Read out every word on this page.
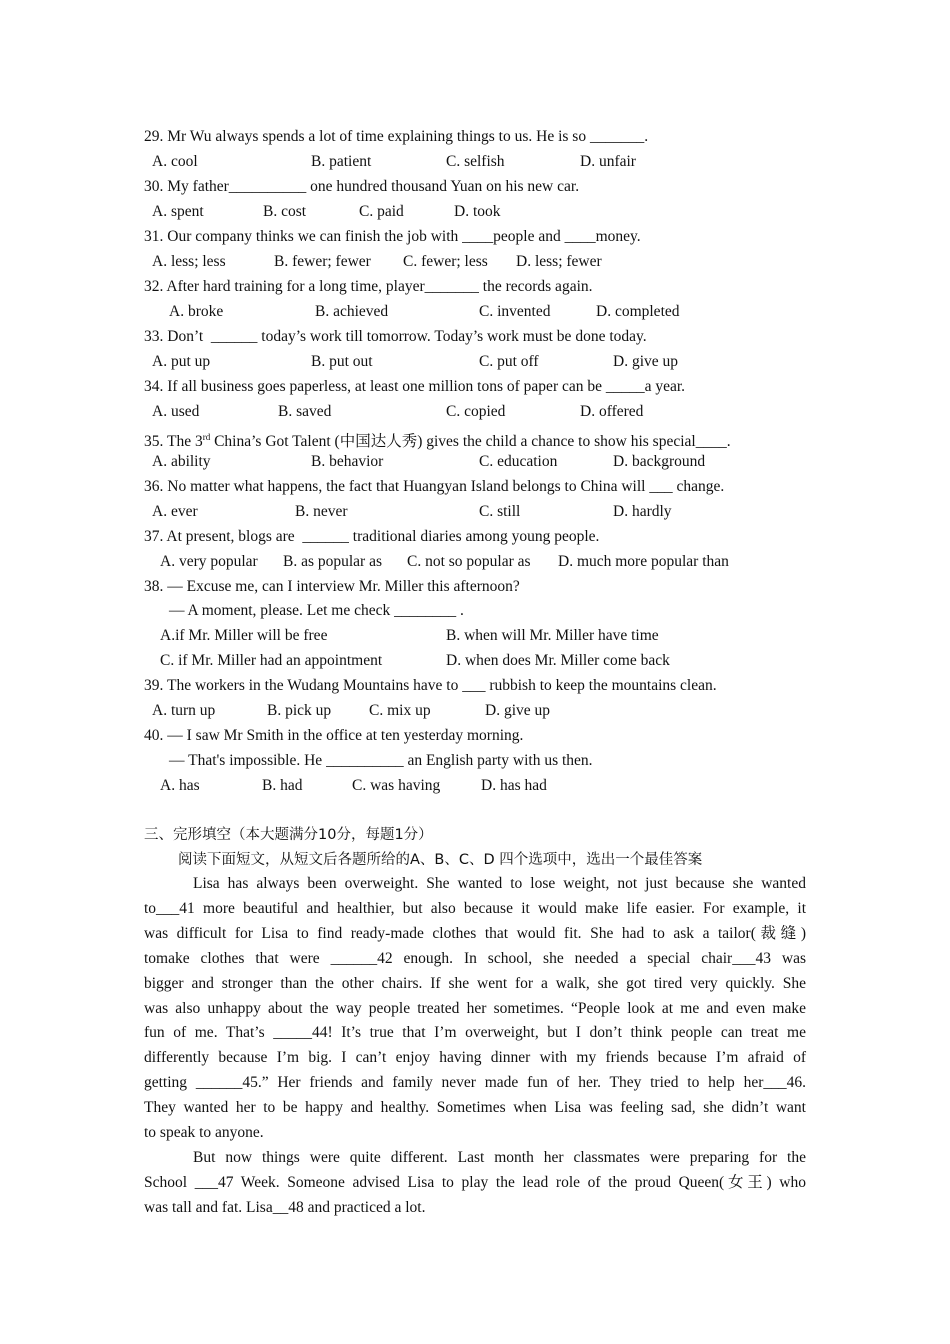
29. Mr Wu always spends a lot of time explaining things to us. He is so _______.
A. cool	B. patient	C. selfish	D. unfair
30. My father__________ one hundred thousand Yuan on his new car.
A. spent	B. cost	C. paid	D. took
31. Our company thinks we can finish the job with ____people and ____money.
A. less; less	B. fewer; fewer C. fewer; less D. less; fewer
32. After hard training for a long time, player_______ the records again.
A. broke	B. achieved	C. invented	D. completed
33. Don’t  ______ today’s work till tomorrow. Today’s work must be done today.
A. put up	B. put out	C. put off	D. give up
34. If all business goes paperless, at least one million tons of paper can be _____a year.
A. used	B. saved	C. copied	D. offered
35. The 3rd China’s Got Talent (中国达人秀) gives the child a chance to show his special____.
A. ability	B. behavior	C. education	D. background
36. No matter what happens, the fact that Huangyan Island belongs to China will ___ change.
A. ever	B. never	C. still	D. hardly
37. At present, blogs are  ______ traditional diaries among young people.
A. very popular B. as popular as C. not so popular as D. much more popular than
38. — Excuse me, can I interview Mr. Miller this afternoon?
— A moment, please. Let me check ________ .
A.if Mr. Miller will be free	B. when will Mr. Miller have time
C. if Mr. Miller had an appointment	D. when does Mr. Miller come back
39. The workers in the Wudang Mountains have to ___ rubbish to keep the mountains clean.
A. turn up	B. pick up C. mix up	D. give up
40. — I saw Mr Smith in the office at ten yesterday morning.
— That's impossible. He __________ an English party with us then.
A. has	B. had	C. was having	D. has had
三、完形填空（本大题满分10分，每题1分）
阅读下面短文，从短文后各题所给的A、B、C、D 四个选项中，选出一个最佳答案

Lisa has always been overweight. She wanted to lose weight, not just because she wanted

to___41 more beautiful and healthier, but also because it would make life easier. For example, it

was difficult for Lisa to find ready-made clothes that would fit. She had to ask a tailor(裁缝)

tomake clothes that were ______42 enough. In school, she needed a special chair___43 was

bigger and stronger than the other chairs. If she went for a walk, she got tired very quickly. She

was also unhappy about the way people treated her sometimes. “People look at me and even make

fun of me. That’s _____44! It’s true that I’m overweight, but I don’t think people can treat me

differently because I’m big. I can’t enjoy having dinner with my friends because I’m afraid of

getting ______45.” Her friends and family never made fun of her. They tried to help her___46.

They wanted her to be happy and healthy. Sometimes when Lisa was feeling sad, she didn’t want

to speak to anyone.

But now things were quite different. Last month her classmates were preparing for the

School ___47 Week. Someone advised Lisa to play the lead role of the proud Queen(女王) who

was tall and fat. Lisa__48 and practiced a lot.
